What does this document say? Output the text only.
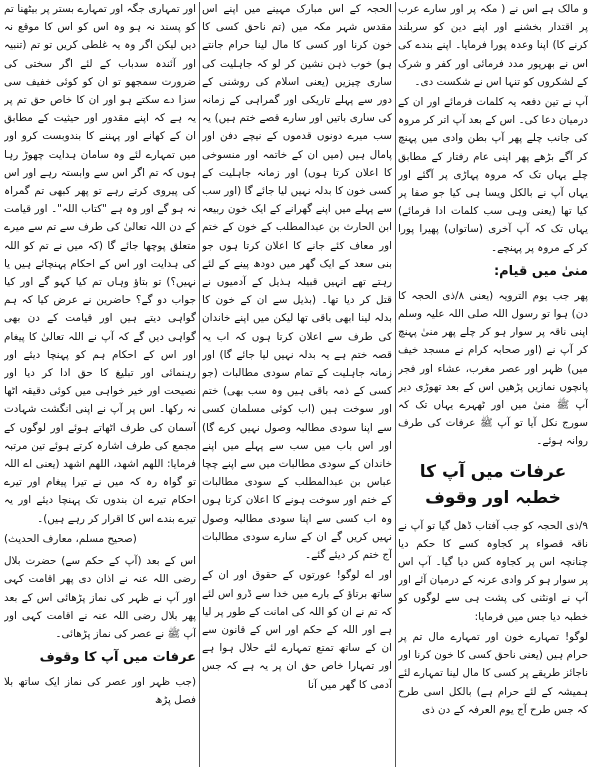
و مالک ہے اس نے ( مکہ پر اور سارے عرب پر اقتدار بخشنے اور اپنے دین کو سربلند کرنے کا) اپنا وعدہ پورا فرمایا۔ اپنے بندے کی اس نے بھرپور مدد فرمائی اور کفر و شرک کے لشکروں کو تنہا اس نے شکست دی۔

آپ نے تین دفعہ یہ کلمات فرمائے اور ان کے درمیان دعا کی۔ اس کے بعد آپ اتر کر مروہ کی جانب چلے پھر آپ بطن وادی میں پہنچ کر آگے بڑھے پھر اپنی عام رفتار کے مطابق چلے یہاں تک کہ مروہ پہاڑی پر آگئے اور یہاں آپ نے بالکل ویسا ہی کیا جو صفا پر کیا تھا (یعنی وہی سب کلمات ادا فرمائے) یہاں تک کہ آپ آخری (ساتواں) پھیرا پورا کر کے مروہ پر پہنچے۔

منیٰ میں قیام:

پھر جب یوم الترویہ (یعنی ۸/ذی الحجہ کا دن) ہوا تو رسول اللہ صلی اللہ علیہ وسلم اپنی ناقہ پر سوار ہو کر چلے پھر منیٰ پہنچ کر آپ نے (اور صحابہ کرام نے مسجد خیف میں) ظہر اور عصر مغرب، عشاء اور فجر پانچوں نمازیں پڑھیں اس کے بعد تھوڑی دیر آپ ﷺ منیٰ میں اور ٹھہرے یہاں تک کہ سورج نکل آیا تو آپ ﷺ عرفات کی طرف روانہ ہوئے۔

عرفات میں آپ کا خطبہ اور وقوف

۹/ذی الحجہ کو جب آفتاب ڈھل گیا تو آپ نے ناقہ قصواء پر کجاوہ کسے کا حکم دیا چنانچہ اس پر کجاوہ کس دیا گیا۔ آپ اس پر سوار ہو کر وادی عرنہ کے درمیان آئے اور آپ نے اونٹنی کی پشت ہی سے لوگوں کو خطبہ دیا جس میں فرمایا:

لوگو! تمہارے خون اور تمہارے مال تم پر حرام ہیں (یعنی ناحق کسی کا خون کرنا اور ناجائز طریقے پر کسی کا مال لینا تمہارے لئے ہمیشہ کے لئے حرام ہے) بالکل اسی طرح کہ جس طرح آج یوم العرفہ کے دن ذی

الحجہ کے اس مبارک مہینے میں اپنے اس مقدس شہر مکہ میں (تم ناحق کسی کا خون کرنا اور کسی کا مال لینا حرام جانتے ہو) خوب ذہن نشین کر لو کہ جاہلیت کی ساری چیزیں (یعنی اسلام کی روشنی کے دور سے پہلے تاریکی اور گمراہی کے زمانہ کی ساری باتیں اور سارے قصے ختم ہیں) یہ سب میرے دونوں قدموں کے نیچے دفن اور پامال ہیں (میں ان کے خاتمہ اور منسوخی کا اعلان کرتا ہوں) اور زمانہ جاہلیت کے کسی خون کا بدلہ نہیں لیا جائے گا (اور سب سے پہلے میں اپنے گھرانے کے ایک خون ربیعہ ابن الحارث بن عبدالمطلب کے خون کے ختم اور معاف کئے جانے کا اعلان کرتا ہوں جو بنی سعد کے ایک گھر میں دودھ پینے کے لئے رہتے تھے انہیں قبیلہ ہذیل کے آدمیوں نے قتل کر دیا تھا۔ (بذیل سے ان کے خون کا بدلہ لینا ابھی باقی تھا لیکن میں اپنے خاندان کی طرف سے اعلان کرتا ہوں کہ اب یہ قصہ ختم ہے یہ بدلہ نہیں لیا جائے گا) اور زمانہ جاہلیت کے تمام سودی مطالبات (جو کسی کے ذمہ باقی ہیں وہ سب بھی) ختم اور سوخت ہیں (اب کوئی مسلمان کسی سے اپنا سودی مطالبہ وصول نہیں کرے گا) اور اس باب میں سب سے پہلے میں اپنے خاندان کے سودی مطالبات میں سے اپنے چچا عباس بن عبدالمطلب کے سودی مطالبات کے ختم اور سوخت ہونے کا اعلان کرتا ہوں وہ اب کسی سے اپنا سودی مطالبہ وصول نہیں کریں گے ان کے سارے سودی مطالبات آج ختم کر دیئے گئے۔

اور اے لوگو! عورتوں کے حقوق اور ان کے ساتھ برتاؤ کے بارے میں خدا سے ڈرو اس لئے کہ تم نے ان کو اللہ کی امانت کے طور پر لیا ہے اور اللہ کے حکم اور اس کے قانون سے ان کے ساتھ تمتع تمہارے لئے حلال ہوا ہے اور تمہارا خاص حق ان پر یہ ہے کہ جس آدمی کا گھر میں آنا

اور تمہاری جگہ اور تمہارے بستر پر بیٹھنا تم کو پسند نہ ہو وہ اس کو اس کا موقع نہ دیں لیکن اگر وہ یہ غلطی کریں تو تم (تنبیہ اور آئندہ سدباب کے لئے اگر سختی کی ضرورت سمجھو تو ان کو کوئی خفیف سی سزا دے سکتے ہو اور ان کا خاص حق تم پر یہ ہے کہ اپنے مقدور اور حیثیت کے مطابق ان کے کھانے اور پہننے کا بندوبست کرو اور میں تمہارے لئے وہ سامان ہدایت چھوڑ رہا ہوں کہ تم اگر اس سے وابستہ رہے اور اس کی پیروی کرتے رہے تو پھر کبھی تم گمراہ نہ ہو گے اور وہ ہے "کتاب اللہ"۔ اور قیامت کے دن اللہ تعالیٰ کی طرف سے تم سے میرے متعلق پوچھا جائے گا (کہ میں نے تم کو اللہ کی ہدایت اور اس کے احکام پہنچائے ہیں یا نہیں؟) تو بتاؤ وہاں تم کیا کہو گے اور کیا جواب دو گے؟ حاضرین نے عرض کیا کہ ہم گواہی دیتے ہیں اور قیامت کے دن بھی گواہی دیں گے کہ آپ نے اللہ تعالیٰ کا پیغام اور اس کے احکام ہم کو پہنچا دیئے اور رہنمائی اور تبلیغ کا حق ادا کر دیا اور نصیحت اور خیر خواہی میں کوئی دقیقہ اٹھا نہ رکھا۔ اس پر آپ نے اپنی انگشت شہادت آسمان کی طرف اٹھاتے ہوئے اور لوگوں کے مجمع کی طرف اشارہ کرتے ہوئے تین مرتبہ فرمایا: اللھم اشھد، اللھم اشھد (یعنی اے اللہ تو گواہ رہ کہ میں نے تیرا پیغام اور تیرے احکام تیرے ان بندوں تک پہنچا دیئے اور یہ تیرے بندے اس کا اقرار کر رہے ہیں)۔

(صحیح مسلم، معارف الحدیث)

اس کے بعد (آپ کے حکم سے) حضرت بلال رضی اللہ عنہ نے اذان دی پھر اقامت کہی اور آپ نے ظہر کی نماز پڑھائی اس کے بعد پھر بلال رضی اللہ عنہ نے اقامت کہی اور آپ ﷺ نے عصر کی نماز پڑھائی۔

عرفات میں آپ کا وقوف

(جب ظہر اور عصر کی نماز ایک ساتھ بلا فصل پڑھ
